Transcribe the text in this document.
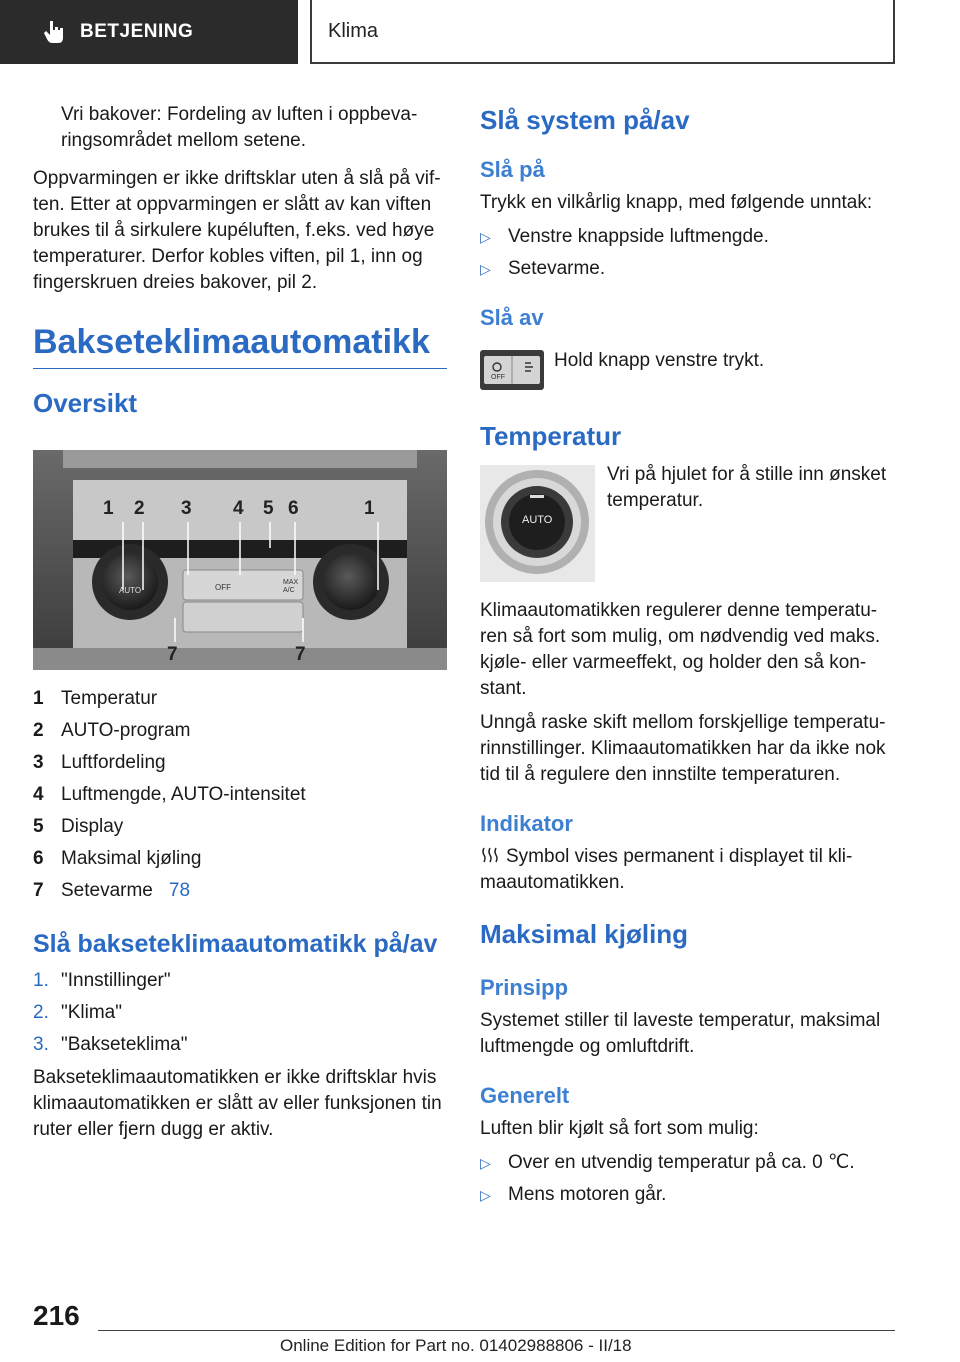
BETJENING	Klima

Vri bakover: Fordeling av luften i oppbeva-ringsområdet mellom setene.

Oppvarmingen er ikke driftsklar uten å slå på vif-ten. Etter at oppvarmingen er slått av kan viften brukes til å sirkulere kupéluften, f.eks. ved høye temperaturer. Derfor kobles viften, pil 1, inn og fingerskruen dreies bakover, pil 2.

Bakseteklimaautomatikk

Oversikt

AUTO	OFF
MAX A/C
1 2 3 4 5 6	1
7	7
1 Temperatur
2 AUTO-program
3 Luftfordeling
4 Luftmengde, AUTO-intensitet
5 Display
6 Maksimal kjøling
7 Setevarme 78

Slå bakseteklimaautomatikk på/av

1. "Innstillinger"
2. "Klima"
3. "Bakseteklima"

Bakseteklimaautomatikken er ikke driftsklar hvis klimaautomatikken er slått av eller funksjonen tin ruter eller fjern dugg er aktiv.

Slå system på/av

Slå på

Trykk en vilkårlig knapp, med følgende unntak:

▷ Venstre knappside luftmengde.
▷ Setevarme.

Slå av

OFF

Hold knapp venstre trykt.

Temperatur

AUTO

Vri på hjulet for å stille inn ønsket temperatur.

Klimaautomatikken regulerer denne temperatu-ren så fort som mulig, om nødvendig ved maks. kjøle- eller varmeeffekt, og holder den så kon-stant.

Unngå raske skift mellom forskjellige temperatu-rinnstillinger. Klimaautomatikken har da ikke nok tid til å regulere den innstilte temperaturen.

Indikator

Symbol vises permanent i displayet til kli-maautomatikken.

Maksimal kjøling

Prinsipp

Systemet stiller til laveste temperatur, maksimal luftmengde og omluftdrift.

Generelt

Luften blir kjølt så fort som mulig:

▷ Over en utvendig temperatur på ca. 0 ℃.
▷ Mens motoren går.
216
Online Edition for Part no. 01402988806 - II/18
